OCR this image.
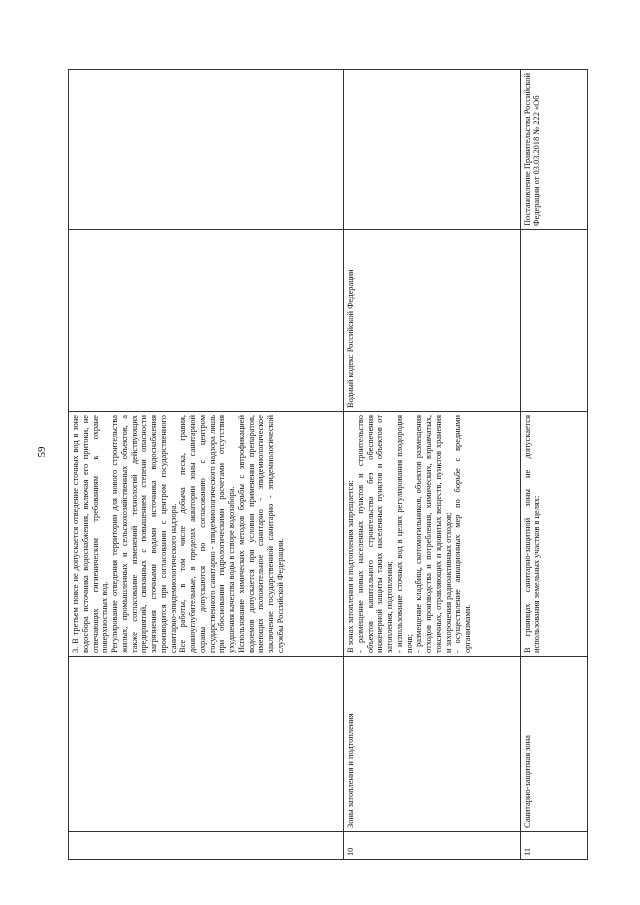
59

		3. В третьем поясе не допускается отведение сточных вод в зоне водосбора источника водоснабжения, включая его притоки, не отвечающих гигиеническим требованиям к охране поверхностных вод. Регулирование отведения территории для нового строительства жилых, промышленных и сельскохозяйственных объектов, а также согласование изменений технологий действующих предприятий, связанных с повышением степени опасности загрязнения сточными водами источника водоснабжения производится при согласовании с центром государственного санитарно-эпидемиологического надзора. Все работы, в том числе добыча песка, гравия, донноуглубительные, в пределах акватории зоны санитарной охраны допускаются по согласованию с центром государственного санитарно - эпидемиологического надзора лишь при обосновании гидрологическими расчетами отсутствия ухудшения качества воды в створе водозабора. Использование химических методов борьбы с эвтрофикацией водоемов допускается при условии применения препаратов, имеющих положительное санитарно - эпидемиологическое заключение государственной санитарно - эпидемиологической службы Российской Федерации.		

10	Зоны затопления и подтопления	В зонах затопления и подтопления запрещается: - размещение новых населенных пунктов и строительство объектов капитального строительства без обеспечения инженерной защиты таких населенных пунктов и объектов от затопления, подтопления; - использование сточных вод в целях регулирования плодородия почв; - размещение кладбищ, скотомогильников, объектов размещения отходов производства и потребления, химических, взрывчатых, токсичных, отравляющих и ядовитых веществ, пунктов хранения и захоронения радиоактивных отходов; - осуществление авиационных мер по борьбе с вредными организмами.	Водный кодекс Российской Федерации	
11	Санитарно-защитная зона	В границах санитарно-защитной зоны не допускается использования земельных участков в целях:		Постановление Правительства Российской Федерации от 03.03.2018 № 222 «Об
